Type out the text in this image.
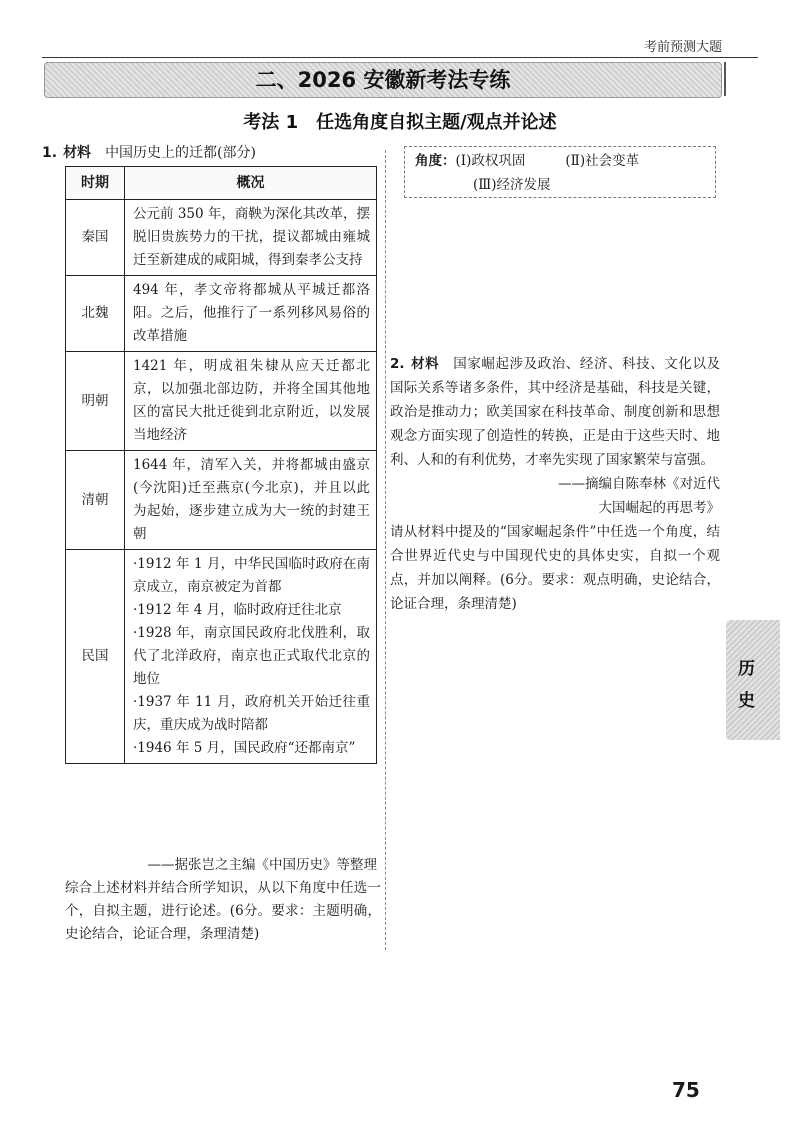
考前预测大题
二、2026 安徽新考法专练
考法 1　任选角度自拟主题/观点并论述
1. 材料 中国历史上的迁都(部分)
时期	概况
秦国	公元前 350 年，商鞅为深化其改革，摆脱旧贵族势力的干扰，提议都城由雍城迁至新建成的咸阳城，得到秦孝公支持
北魏	494 年，孝文帝将都城从平城迁都洛阳。之后，他推行了一系列移风易俗的改革措施
明朝	1421 年，明成祖朱棣从应天迁都北京，以加强北部边防，并将全国其他地区的富民大批迁徙到北京附近，以发展当地经济
清朝	1644 年，清军入关，并将都城由盛京(今沈阳)迁至燕京(今北京)，并且以此为起始，逐步建立成为大一统的封建王朝
民国	·1912 年 1 月，中华民国临时政府在南京成立，南京被定为首都
·1912 年 4 月，临时政府迁往北京
·1928 年，南京国民政府北伐胜利，取代了北洋政府，南京也正式取代北京的地位
·1937 年 11 月，政府机关开始迁往重庆，重庆成为战时陪都
·1946 年 5 月，国民政府“还都南京”
——据张岂之主编《中国历史》等整理
综合上述材料并结合所学知识，从以下角度中任选一个，自拟主题，进行论述。(6分。要求：主题明确，史论结合，论证合理，条理清楚)
角度： (Ⅰ)政权巩固	(Ⅱ)社会变革
(Ⅲ)经济发展
2. 材料 国家崛起涉及政治、经济、科技、文化以及国际关系等诸多条件，其中经济是基础，科技是关键，政治是推动力；欧美国家在科技革命、制度创新和思想观念方面实现了创造性的转换，正是由于这些天时、地利、人和的有利优势，才率先实现了国家繁荣与富强。
——摘编自陈奉林《对近代
大国崛起的再思考》
请从材料中提及的“国家崛起条件”中任选一个角度，结合世界近代史与中国现代史的具体史实，自拟一个观点，并加以阐释。(6分。要求：观点明确，史论结合，论证合理，条理清楚)
历
史
75
